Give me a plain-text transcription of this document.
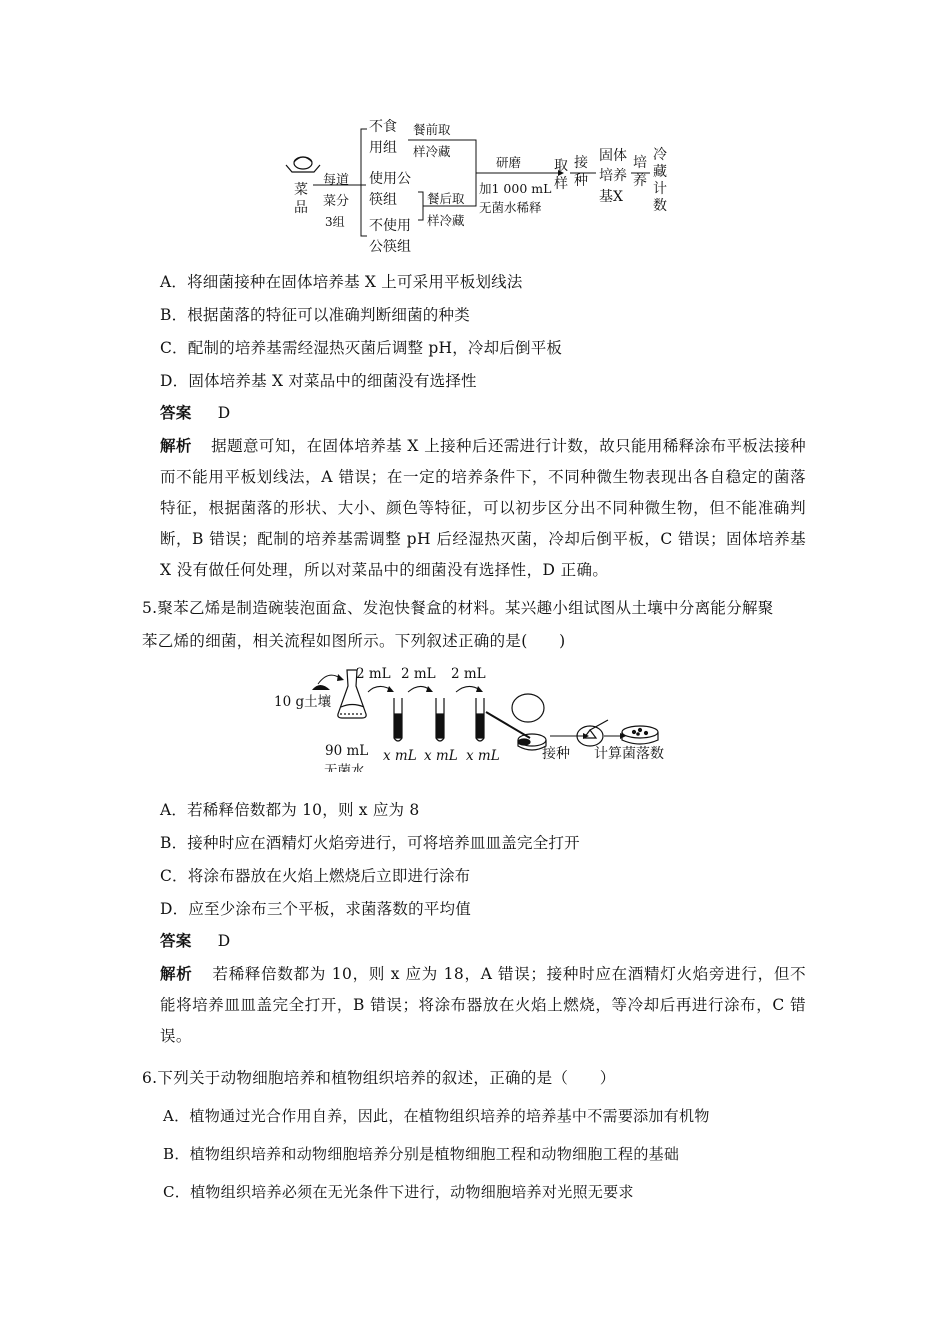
菜 品
每道
菜分
3组
不食
用组
使用公
筷组
不使用
公筷组
餐前取
样冷藏
餐后取
样冷藏
研磨
加1 000 mL
无菌水稀释
取 样
接 种
固体
培养
基X
培 养
冷 藏 计 数
A．将细菌接种在固体培养基 X 上可采用平板划线法
B．根据菌落的特征可以准确判断细菌的种类
C．配制的培养基需经湿热灭菌后调整 pH，冷却后倒平板
D．固体培养基 X 对菜品中的细菌没有选择性
答案 D
解析 据题意可知，在固体培养基 X 上接种后还需进行计数，故只能用稀释涂布平板法接种而不能用平板划线法，A 错误；在一定的培养条件下，不同种微生物表现出各自稳定的菌落特征，根据菌落的形状、大小、颜色等特征，可以初步区分出不同种微生物，但不能准确判断，B 错误；配制的培养基需调整 pH 后经湿热灭菌，冷却后倒平板，C 错误；固体培养基 X 没有做任何处理，所以对菜品中的细菌没有选择性，D 正确。
5.聚苯乙烯是制造碗装泡面盒、发泡快餐盒的材料。某兴趣小组试图从土壤中分离能分解聚
苯乙烯的细菌，相关流程如图所示。下列叙述正确的是(　　)
10 g土壤
90 mL
无菌水
2 mL
x mL
2 mL
x mL
2 mL
x mL	接种 计算菌落数
A．若稀释倍数都为 10，则 x 应为 8
B．接种时应在酒精灯火焰旁进行，可将培养皿皿盖完全打开
C．将涂布器放在火焰上燃烧后立即进行涂布
D．应至少涂布三个平板，求菌落数的平均值
答案 D
解析 若稀释倍数都为 10，则 x 应为 18，A 错误；接种时应在酒精灯火焰旁进行，但不能将培养皿皿盖完全打开，B 错误；将涂布器放在火焰上燃烧，等冷却后再进行涂布，C 错误。
6.下列关于动物细胞培养和植物组织培养的叙述，正确的是（　　）
A．植物通过光合作用自养，因此，在植物组织培养的培养基中不需要添加有机物
B．植物组织培养和动物细胞培养分别是植物细胞工程和动物细胞工程的基础
C．植物组织培养必须在无光条件下进行，动物细胞培养对光照无要求
